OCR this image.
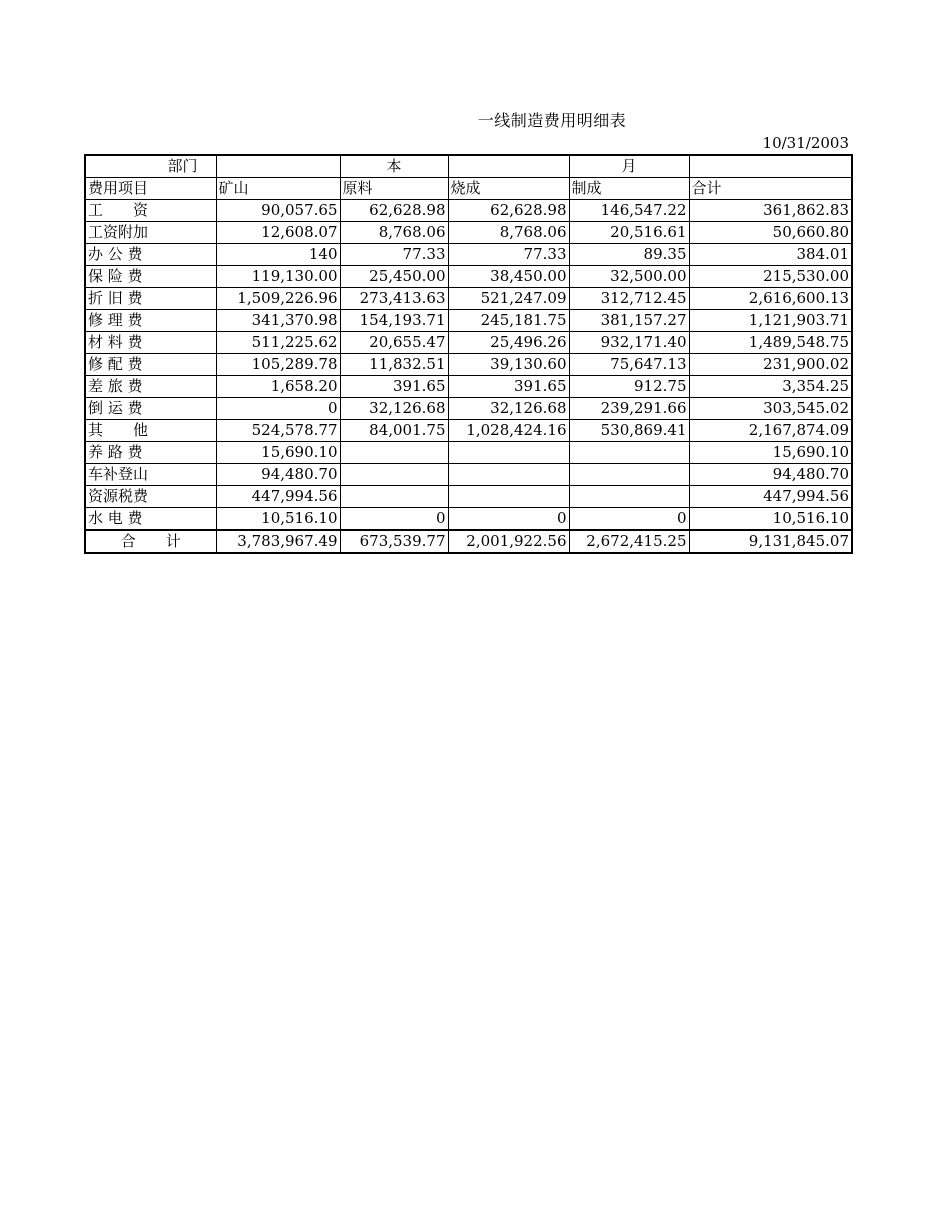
一线制造费用明细表
10/31/2003
部门		本		月	
费用项目	矿山	原料	烧成	制成	合计
工　　资	90,057.65	62,628.98	62,628.98	146,547.22	361,862.83
工资附加	12,608.07	8,768.06	8,768.06	20,516.61	50,660.80
办 公 费	140	77.33	77.33	89.35	384.01
保 险 费	119,130.00	25,450.00	38,450.00	32,500.00	215,530.00
折 旧 费	1,509,226.96	273,413.63	521,247.09	312,712.45	2,616,600.13
修 理 费	341,370.98	154,193.71	245,181.75	381,157.27	1,121,903.71
材 料 费	511,225.62	20,655.47	25,496.26	932,171.40	1,489,548.75
修 配 费	105,289.78	11,832.51	39,130.60	75,647.13	231,900.02
差 旅 费	1,658.20	391.65	391.65	912.75	3,354.25
倒 运 费	0	32,126.68	32,126.68	239,291.66	303,545.02
其　　他	524,578.77	84,001.75	1,028,424.16	530,869.41	2,167,874.09
养 路 费	15,690.10				15,690.10
车补登山	94,480.70				94,480.70
资源税费	447,994.56				447,994.56
水 电 费	10,516.10	0	0	0	10,516.10
合　　计	3,783,967.49	673,539.77	2,001,922.56	2,672,415.25	9,131,845.07
